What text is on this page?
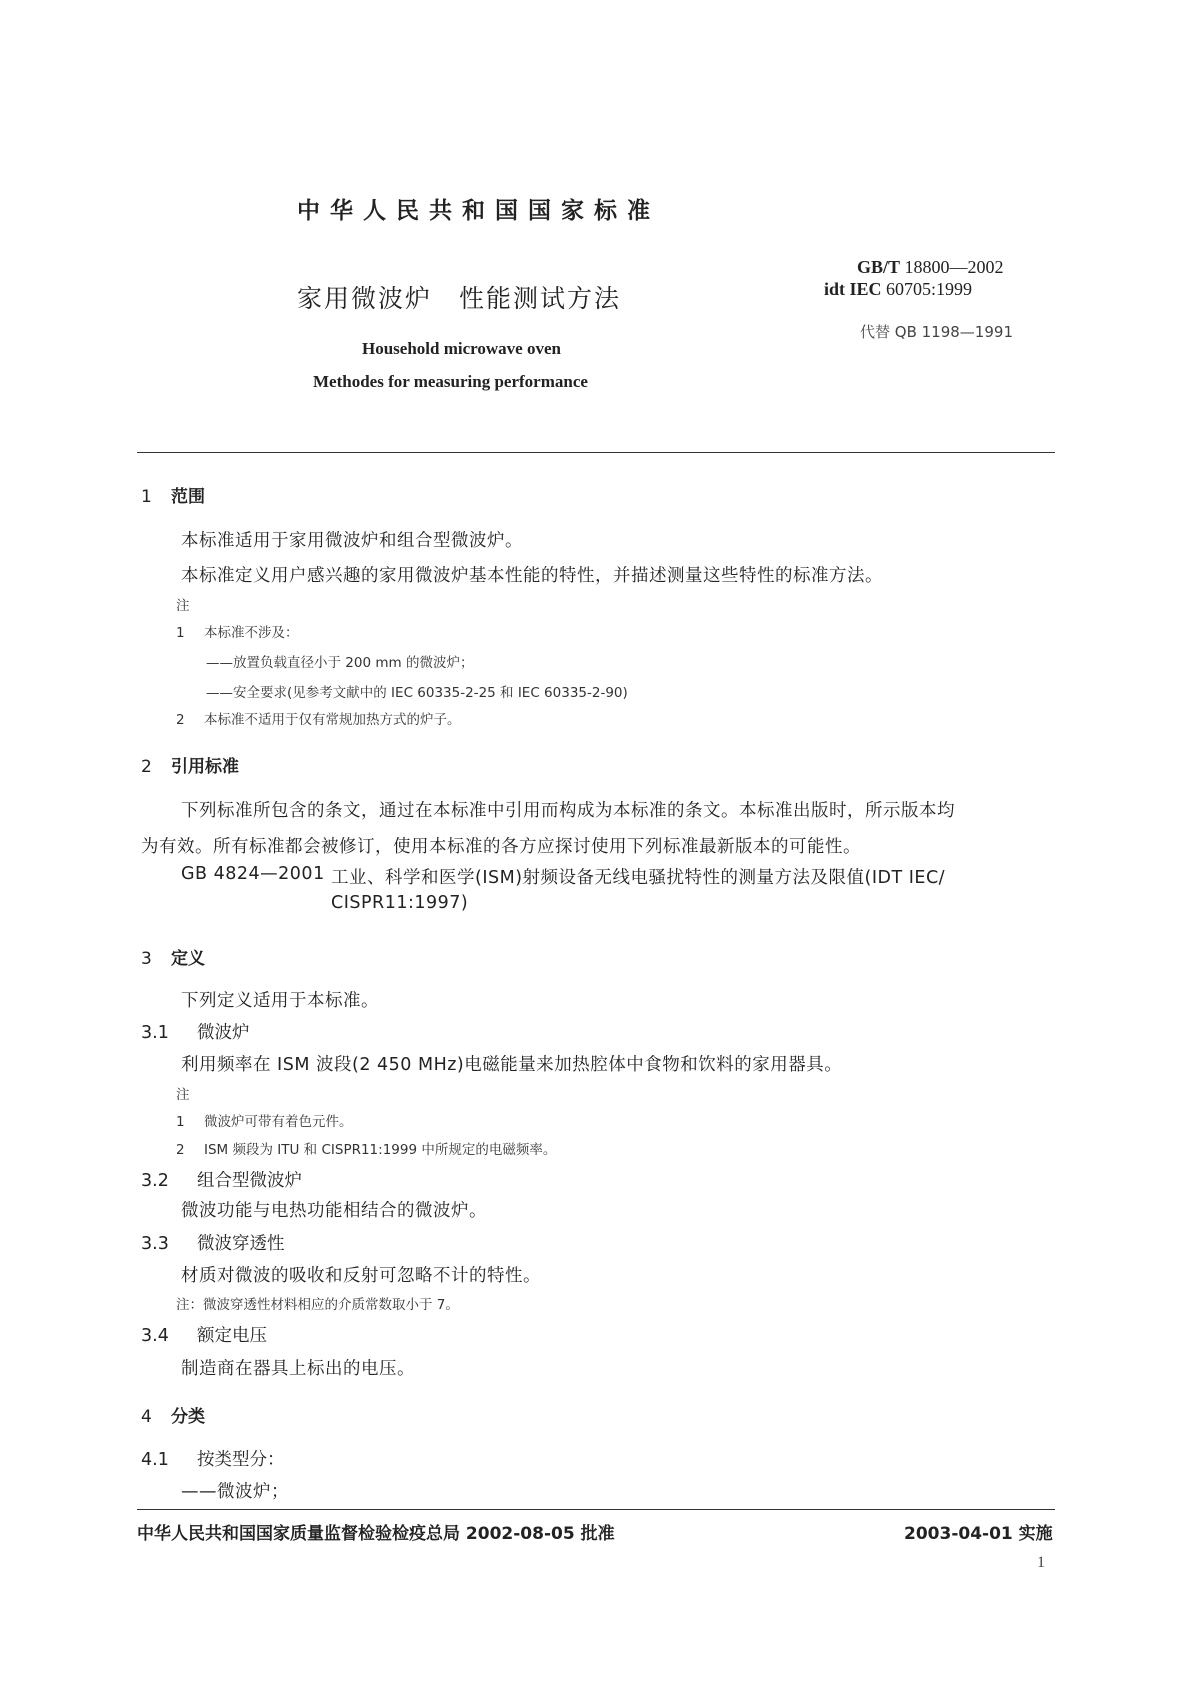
中华人民共和国国家标准
家用微波炉　性能测试方法
Household microwave oven
Methodes for measuring performance
GB/T 18800—2002
idt IEC 60705:1999
代替 QB 1198—1991
1 范围
本标准适用于家用微波炉和组合型微波炉。
本标准定义用户感兴趣的家用微波炉基本性能的特性，并描述测量这些特性的标准方法。
注
1 本标准不涉及：
——放置负载直径小于 200 mm 的微波炉；
——安全要求(见参考文献中的 IEC 60335-2-25 和 IEC 60335-2-90)
2 本标准不适用于仅有常规加热方式的炉子。
2 引用标准
下列标准所包含的条文，通过在本标准中引用而构成为本标准的条文。本标准出版时，所示版本均
为有效。所有标准都会被修订，使用本标准的各方应探讨使用下列标准最新版本的可能性。
GB 4824—2001 工业、科学和医学(ISM)射频设备无线电骚扰特性的测量方法及限值(IDT IEC/
CISPR11:1997)
3 定义
下列定义适用于本标准。
3.1 微波炉
利用频率在 ISM 波段(2 450 MHz)电磁能量来加热腔体中食物和饮料的家用器具。
注
1 微波炉可带有着色元件。
2 ISM 频段为 ITU 和 CISPR11:1999 中所规定的电磁频率。
3.2 组合型微波炉
微波功能与电热功能相结合的微波炉。
3.3 微波穿透性
材质对微波的吸收和反射可忽略不计的特性。
注：微波穿透性材料相应的介质常数取小于 7。
3.4 额定电压
制造商在器具上标出的电压。
4 分类
4.1 按类型分：
——微波炉；
中华人民共和国国家质量监督检验检疫总局 2002-08-05 批准	2003-04-01 实施
1
